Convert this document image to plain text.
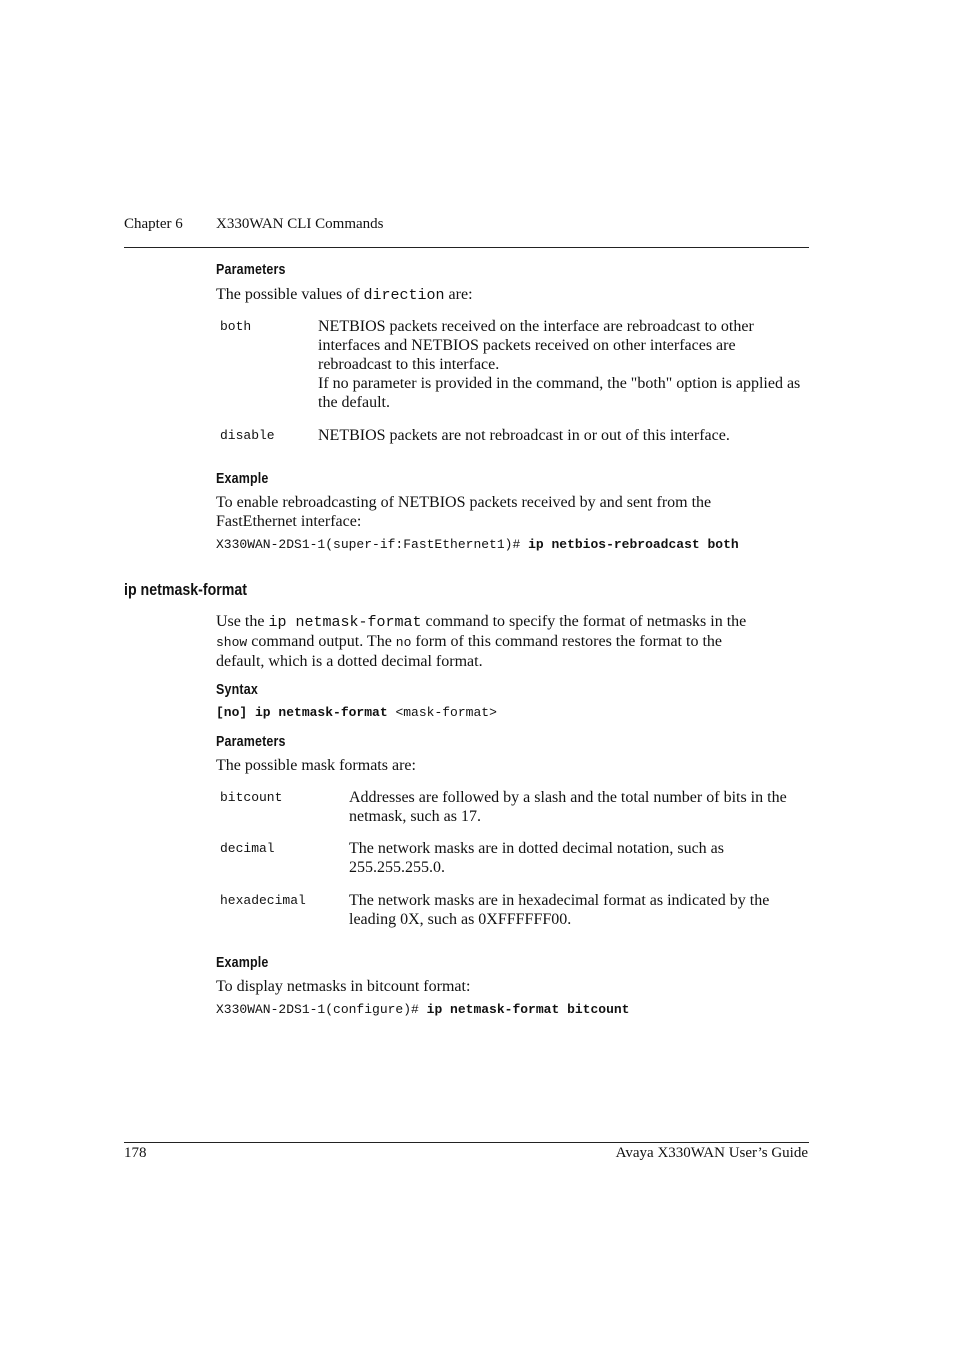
Chapter 6 X330WAN CLI Commands
Parameters
The possible values of direction are:
both	NETBIOS packets received on the interface are rebroadcast to other interfaces and NETBIOS packets received on other interfaces are rebroadcast to this interface.
If no parameter is provided in the command, the "both" option is applied as the default.
disable	NETBIOS packets are not rebroadcast in or out of this interface.
Example
To enable rebroadcasting of NETBIOS packets received by and sent from the FastEthernet interface:
X330WAN-2DS1-1(super-if:FastEthernet1)# ip netbios-rebroadcast both
ip netmask-format
Use the ip netmask-format command to specify the format of netmasks in the
show command output. The no form of this command restores the format to the
default, which is a dotted decimal format.
Syntax
[no] ip netmask-format <mask-format>
Parameters
The possible mask formats are:
bitcount	Addresses are followed by a slash and the total number of bits in the netmask, such as 17.
decimal	The network masks are in dotted decimal notation, such as 255.255.255.0.
hexadecimal	The network masks are in hexadecimal format as indicated by the leading 0X, such as 0XFFFFFF00.
Example
To display netmasks in bitcount format:
X330WAN-2DS1-1(configure)# ip netmask-format bitcount
178	Avaya X330WAN User’s Guide
